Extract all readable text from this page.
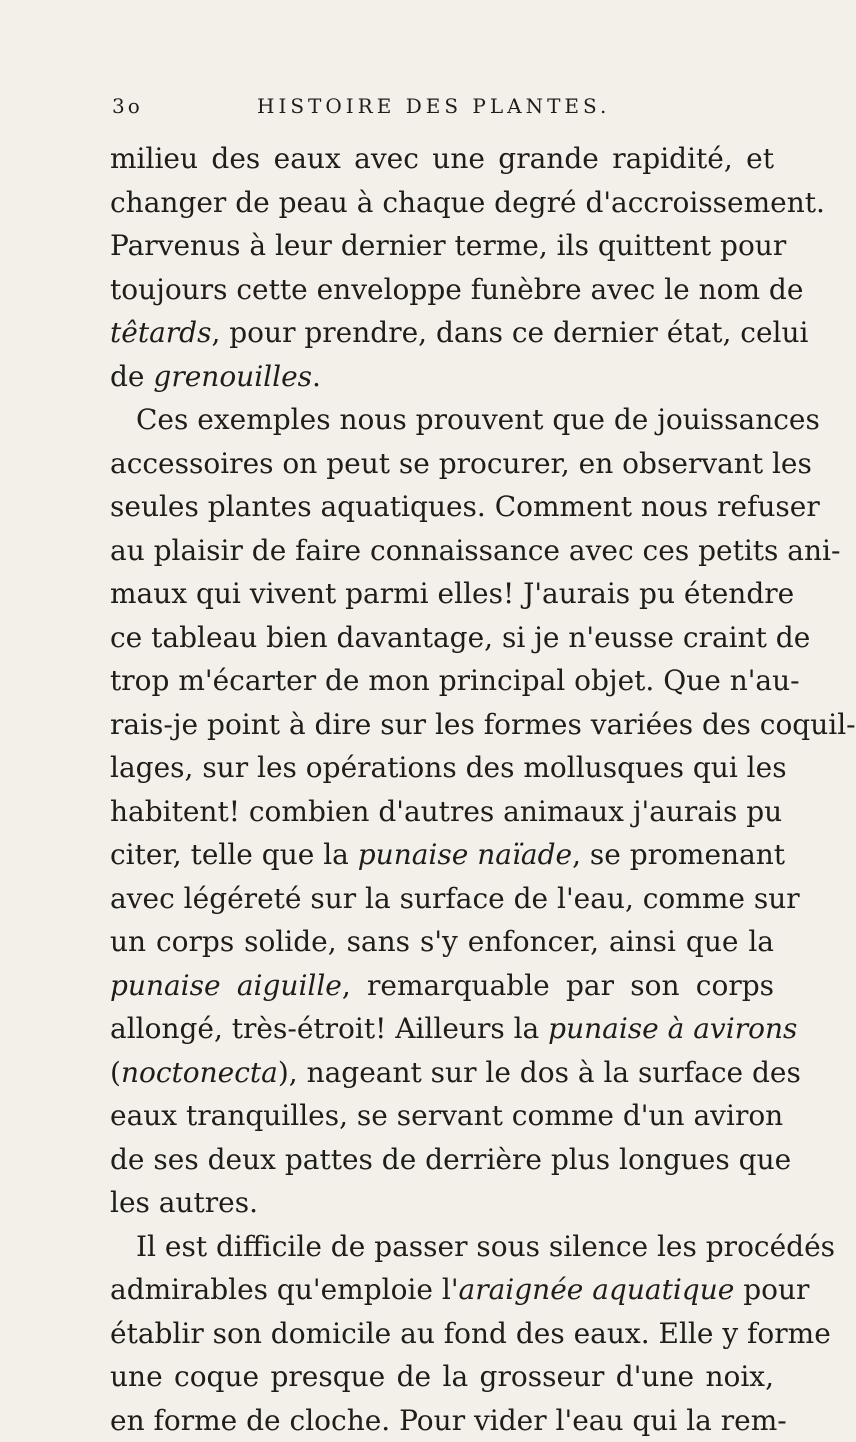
3o	HISTOIRE DES PLANTES.
milieu des eaux avec une grande rapidité, et
changer de peau à chaque degré d'accroissement.
Parvenus à leur dernier terme, ils quittent pour
toujours cette enveloppe funèbre avec le nom de
têtards, pour prendre, dans ce dernier état, celui
de grenouilles.
Ces exemples nous prouvent que de jouissances
accessoires on peut se procurer, en observant les
seules plantes aquatiques. Comment nous refuser
au plaisir de faire connaissance avec ces petits ani-
maux qui vivent parmi elles! J'aurais pu étendre
ce tableau bien davantage, si je n'eusse craint de
trop m'écarter de mon principal objet. Que n'au-
rais-je point à dire sur les formes variées des coquil-
lages, sur les opérations des mollusques qui les
habitent! combien d'autres animaux j'aurais pu
citer, telle que la punaise naïade, se promenant
avec légéreté sur la surface de l'eau, comme sur
un corps solide, sans s'y enfoncer, ainsi que la
punaise aiguille, remarquable par son corps
allongé, très-étroit! Ailleurs la punaise à avirons
(noctonecta), nageant sur le dos à la surface des
eaux tranquilles, se servant comme d'un aviron
de ses deux pattes de derrière plus longues que
les autres.
Il est difficile de passer sous silence les procédés
admirables qu'emploie l'araignée aquatique pour
établir son domicile au fond des eaux. Elle y forme
une coque presque de la grosseur d'une noix,
en forme de cloche. Pour vider l'eau qui la rem-
